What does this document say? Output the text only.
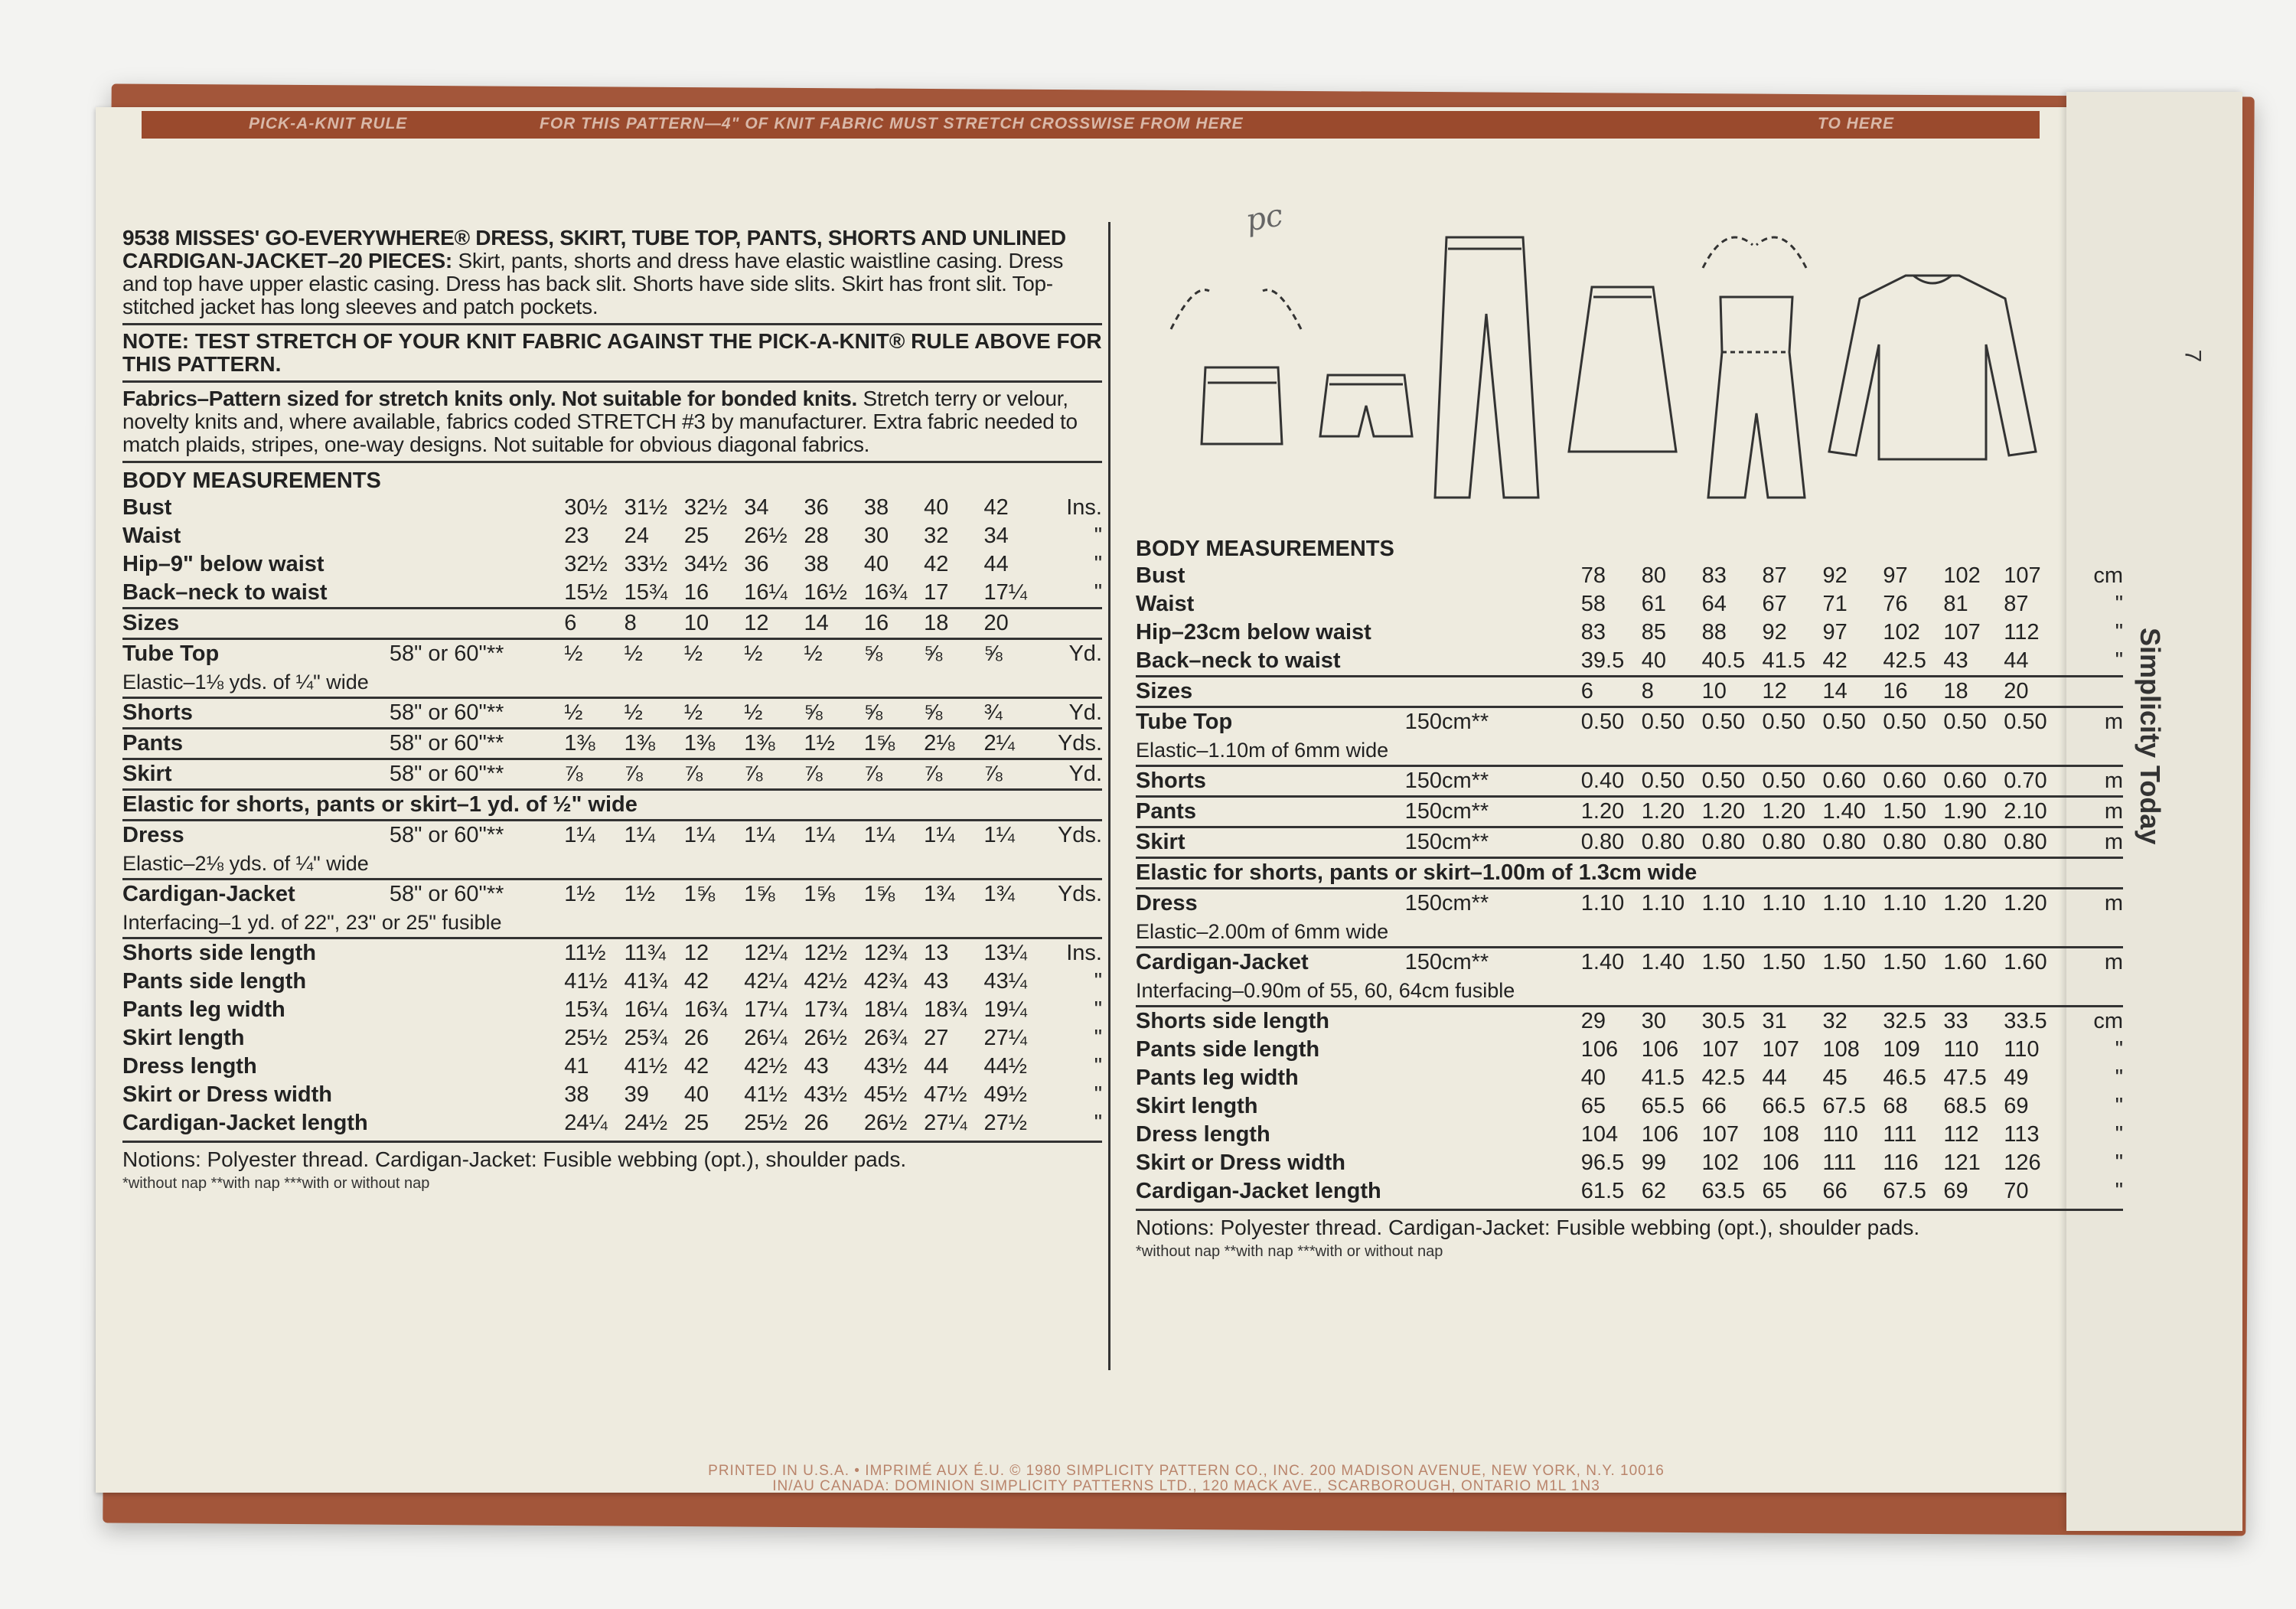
PICK-A-KNIT RULE	FOR THIS PATTERN—4" OF KNIT FABRIC MUST STRETCH CROSSWISE FROM HERE	TO HERE
9538 MISSES' GO-EVERYWHERE® DRESS, SKIRT, TUBE TOP, PANTS, SHORTS AND UNLINED CARDIGAN-JACKET–20 PIECES: Skirt, pants, shorts and dress have elastic waistline casing. Dress and top have upper elastic casing. Dress has back slit. Shorts have side slits. Skirt has front slit. Top-stitched jacket has long sleeves and patch pockets.
NOTE: TEST STRETCH OF YOUR KNIT FABRIC AGAINST THE PICK-A-KNIT® RULE ABOVE FOR THIS PATTERN.
Fabrics–Pattern sized for stretch knits only. Not suitable for bonded knits. Stretch terry or velour, novelty knits and, where available, fabrics coded STRETCH #3 by manufacturer. Extra fabric needed to match plaids, stripes, one-way designs. Not suitable for obvious diagonal fabrics.
BODY MEASUREMENTS
Bust		30½	31½	32½	34	36	38	40	42	Ins.
Waist		23	24	25	26½	28	30	32	34	"
Hip–9" below waist		32½	33½	34½	36	38	40	42	44	"
Back–neck to waist		15½	15¾	16	16¼	16½	16¾	17	17¼	"
Sizes		6	8	10	12	14	16	18	20	
Tube Top	58" or 60"**	½	½	½	½	½	⅝	⅝	⅝	Yd.
Elastic–1⅛ yds. of ¼" wide										
Shorts	58" or 60"**	½	½	½	½	⅝	⅝	⅝	¾	Yd.
Pants	58" or 60"**	1⅜	1⅜	1⅜	1⅜	1½	1⅝	2⅛	2¼	Yds.
Skirt	58" or 60"**	⅞	⅞	⅞	⅞	⅞	⅞	⅞	⅞	Yd.
Elastic for shorts, pants or skirt–1 yd. of ½" wide										
Dress	58" or 60"**	1¼	1¼	1¼	1¼	1¼	1¼	1¼	1¼	Yds.
Elastic–2⅛ yds. of ¼" wide										
Cardigan-Jacket	58" or 60"**	1½	1½	1⅝	1⅝	1⅝	1⅝	1¾	1¾	Yds.
Interfacing–1 yd. of 22", 23" or 25" fusible										
Shorts side length		11½	11¾	12	12¼	12½	12¾	13	13¼	Ins.
Pants side length		41½	41¾	42	42¼	42½	42¾	43	43¼	"
Pants leg width		15¾	16¼	16¾	17¼	17¾	18¼	18¾	19¼	"
Skirt length		25½	25¾	26	26¼	26½	26¾	27	27¼	"
Dress length		41	41½	42	42½	43	43½	44	44½	"
Skirt or Dress width		38	39	40	41½	43½	45½	47½	49½	"
Cardigan-Jacket length		24¼	24½	25	25½	26	26½	27¼	27½	"
Notions: Polyester thread. Cardigan-Jacket: Fusible webbing (opt.), shoulder pads.
*without nap **with nap ***with or without nap
pc
BODY MEASUREMENTS
Bust		78	80	83	87	92	97	102	107	cm
Waist		58	61	64	67	71	76	81	87	"
Hip–23cm below waist		83	85	88	92	97	102	107	112	"
Back–neck to waist		39.5	40	40.5	41.5	42	42.5	43	44	"
Sizes		6	8	10	12	14	16	18	20	
Tube Top	150cm**	0.50	0.50	0.50	0.50	0.50	0.50	0.50	0.50	m
Elastic–1.10m of 6mm wide										
Shorts	150cm**	0.40	0.50	0.50	0.50	0.60	0.60	0.60	0.70	m
Pants	150cm**	1.20	1.20	1.20	1.20	1.40	1.50	1.90	2.10	m
Skirt	150cm**	0.80	0.80	0.80	0.80	0.80	0.80	0.80	0.80	m
Elastic for shorts, pants or skirt–1.00m of 1.3cm wide										
Dress	150cm**	1.10	1.10	1.10	1.10	1.10	1.10	1.20	1.20	m
Elastic–2.00m of 6mm wide										
Cardigan-Jacket	150cm**	1.40	1.40	1.50	1.50	1.50	1.50	1.60	1.60	m
Interfacing–0.90m of 55, 60, 64cm fusible										
Shorts side length		29	30	30.5	31	32	32.5	33	33.5	cm
Pants side length		106	106	107	107	108	109	110	110	"
Pants leg width		40	41.5	42.5	44	45	46.5	47.5	49	"
Skirt length		65	65.5	66	66.5	67.5	68	68.5	69	"
Dress length		104	106	107	108	110	111	112	113	"
Skirt or Dress width		96.5	99	102	106	111	116	121	126	"
Cardigan-Jacket length		61.5	62	63.5	65	66	67.5	69	70	"
Notions: Polyester thread. Cardigan-Jacket: Fusible webbing (opt.), shoulder pads.
*without nap **with nap ***with or without nap
7
Simplicity Today
PRINTED IN U.S.A. • IMPRIMÉ AUX É.U. © 1980 SIMPLICITY PATTERN CO., INC. 200 MADISON AVENUE, NEW YORK, N.Y. 10016
IN/AU CANADA: DOMINION SIMPLICITY PATTERNS LTD., 120 MACK AVE., SCARBOROUGH, ONTARIO M1L 1N3
